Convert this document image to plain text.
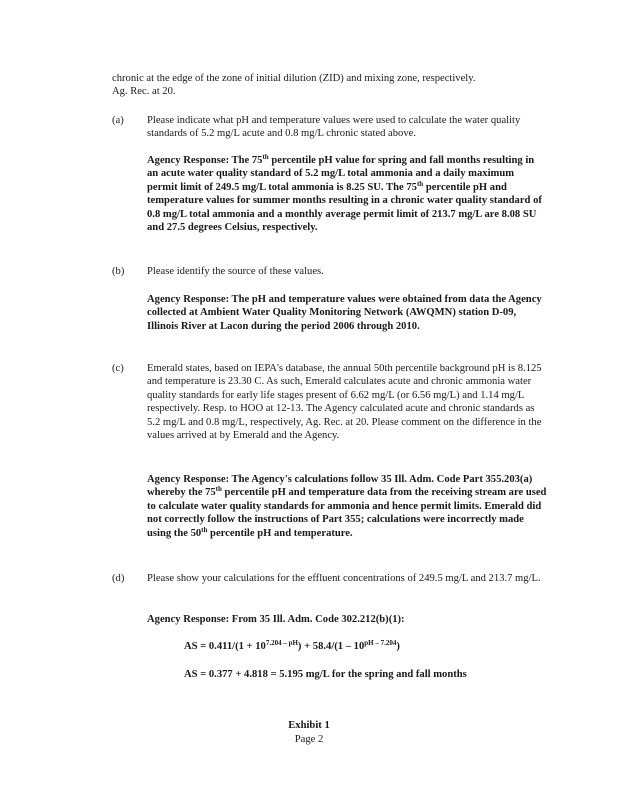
chronic at the edge of the zone of initial dilution (ZID) and mixing zone, respectively.
Ag. Rec. at 20.
(a) Please indicate what pH and temperature values were used to calculate the water quality standards of 5.2 mg/L acute and 0.8 mg/L chronic stated above.
Agency Response: The 75th percentile pH value for spring and fall months resulting in an acute water quality standard of 5.2 mg/L total ammonia and a daily maximum permit limit of 249.5 mg/L total ammonia is 8.25 SU. The 75th percentile pH and temperature values for summer months resulting in a chronic water quality standard of 0.8 mg/L total ammonia and a monthly average permit limit of 213.7 mg/L are 8.08 SU and 27.5 degrees Celsius, respectively.
(b) Please identify the source of these values.
Agency Response: The pH and temperature values were obtained from data the Agency collected at Ambient Water Quality Monitoring Network (AWQMN) station D-09, Illinois River at Lacon during the period 2006 through 2010.
(c) Emerald states, based on IEPA's database, the annual 50th percentile background pH is 8.125 and temperature is 23.30 C. As such, Emerald calculates acute and chronic ammonia water quality standards for early life stages present of 6.62 mg/L (or 6.56 mg/L) and 1.14 mg/L respectively. Resp. to HOO at 12-13. The Agency calculated acute and chronic standards as 5.2 mg/L and 0.8 mg/L, respectively, Ag. Rec. at 20. Please comment on the difference in the values arrived at by Emerald and the Agency.
Agency Response: The Agency's calculations follow 35 Ill. Adm. Code Part 355.203(a) whereby the 75th percentile pH and temperature data from the receiving stream are used to calculate water quality standards for ammonia and hence permit limits. Emerald did not correctly follow the instructions of Part 355; calculations were incorrectly made using the 50th percentile pH and temperature.
(d) Please show your calculations for the effluent concentrations of 249.5 mg/L and 213.7 mg/L.
Agency Response: From 35 Ill. Adm. Code 302.212(b)(1):
AS = $0.411/(1 + 10^{7.204 - pH}) + 58.4/(1 - 10^{pH - 7.204})$
AS = 0.377 + 4.818 = 5.195 mg/L for the spring and fall months
Exhibit 1
Page 2
